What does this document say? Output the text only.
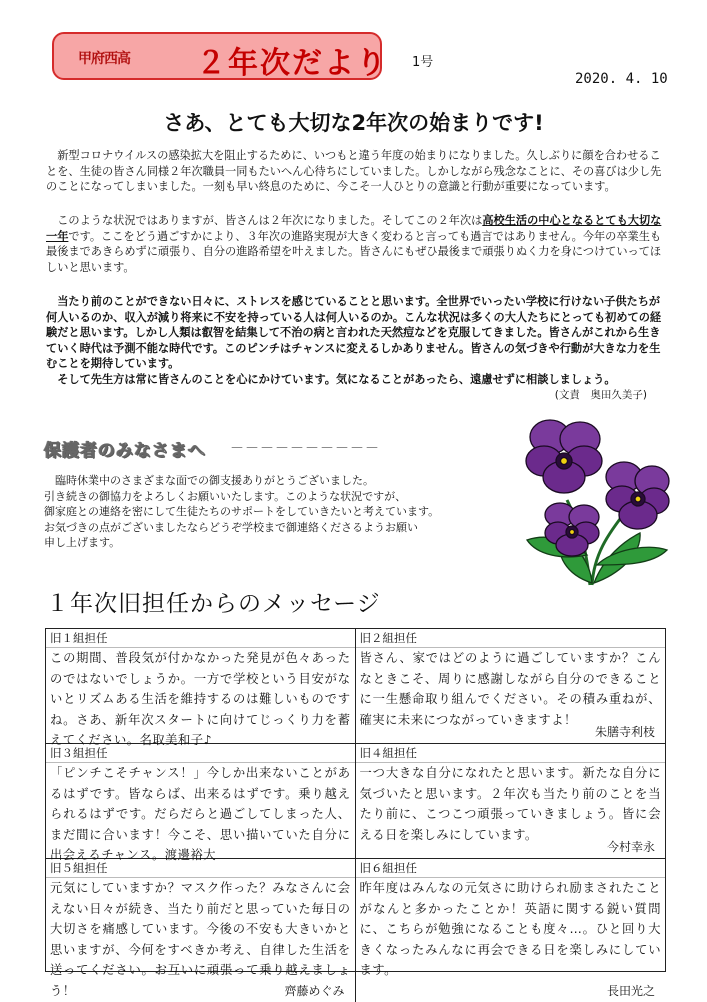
甲府西高 ２年次だより 1号
2020. 4. 10
さあ、とても大切な2年次の始まりです!
新型コロナウイルスの感染拡大を阻止するために、いつもと違う年度の始まりになりました。久しぶりに顔を合わせることを、生徒の皆さん同様２年次職員一同もたいへん心待ちにしていました。しかしながら残念なことに、その喜びは少し先のことになってしまいました。一刻も早い終息のために、今こそ一人ひとりの意識と行動が重要になっています。
このような状況ではありますが、皆さんは２年次になりました。そしてこの２年次は高校生活の中心となるとても大切な一年です。ここをどう過ごすかにより、３年次の進路実現が大きく変わると言っても過言ではありません。今年の卒業生も最後まであきらめずに頑張り、自分の進路希望を叶えました。皆さんにもぜひ最後まで頑張りぬく力を身につけていってほしいと思います。

当たり前のことができない日々に、ストレスを感じていることと思います。全世界でいったい学校に行けない子供たちが何人いるのか、収入が減り将来に不安を持っている人は何人いるのか。こんな状況は多くの大人たちにとっても初めての経験だと思います。しかし人類は叡智を結集して不治の病と言われた天然痘などを克服してきました。皆さんがこれから生きていく時代は予測不能な時代です。このピンチはチャンスに変えるしかありません。皆さんの気づきや行動が大きな力を生むことを期待しています。

そして先生方は常に皆さんのことを心にかけています。気になることがあったら、遠慮せずに相談しましょう。

(文責　奥田久美子)
保護者のみなさまへ －－－－－－－－－－

　臨時休業中のさまざまな面での御支援ありがとうございました。

引き続きの御協力をよろしくお願いいたします。このような状況ですが、

御家庭との連絡を密にして生徒たちのサポートをしていきたいと考えています。

お気づきの点がございましたならどうぞ学校まで御連絡くださるようお願い

申し上げます。

１年次旧担任からのメッセージ
旧１組担任
この期間、普段気が付かなかった発見が色々あったのではないでしょうか。一方で学校という目安がないとリズムある生活を維持するのは難しいものですね。さあ、新年次スタートに向けてじっくり力を蓄えてください。名取美和子♪
旧２組担任
皆さん、家ではどのように過ごしていますか？こんなときこそ、周りに感謝しながら自分のできることに一生懸命取り組んでください。その積み重ねが、確実に未来につながっていきますよ！
朱膳寺利枝
旧３組担任
「ピンチこそチャンス！」今しか出来ないことがあるはずです。皆ならば、出来るはずです。乗り越えられるはずです。だらだらと過ごしてしまった人、まだ間に合います！今こそ、思い描いていた自分に出会えるチャンス。渡邊裕大
旧４組担任
一つ大きな自分になれたと思います。新たな自分に気づいたと思います。２年次も当たり前のことを当たり前に、こつこつ頑張っていきましょう。皆に会える日を楽しみにしています。
今村幸永
旧５組担任
元気にしていますか？マスク作った？みなさんに会えない日々が続き、当たり前だと思っていた毎日の大切さを痛感しています。今後の不安も大きいかと思いますが、今何をすべきか考え、自律した生活を送ってください。お互いに頑張って乗り越えましょう！	齊藤めぐみ
旧６組担任
昨年度はみんなの元気さに助けられ励まされたことがなんと多かったことか！英語に関する鋭い質問に、こちらが勉強になることも度々…。ひと回り大きくなったみんなに再会できる日を楽しみにしています。
長田光之
